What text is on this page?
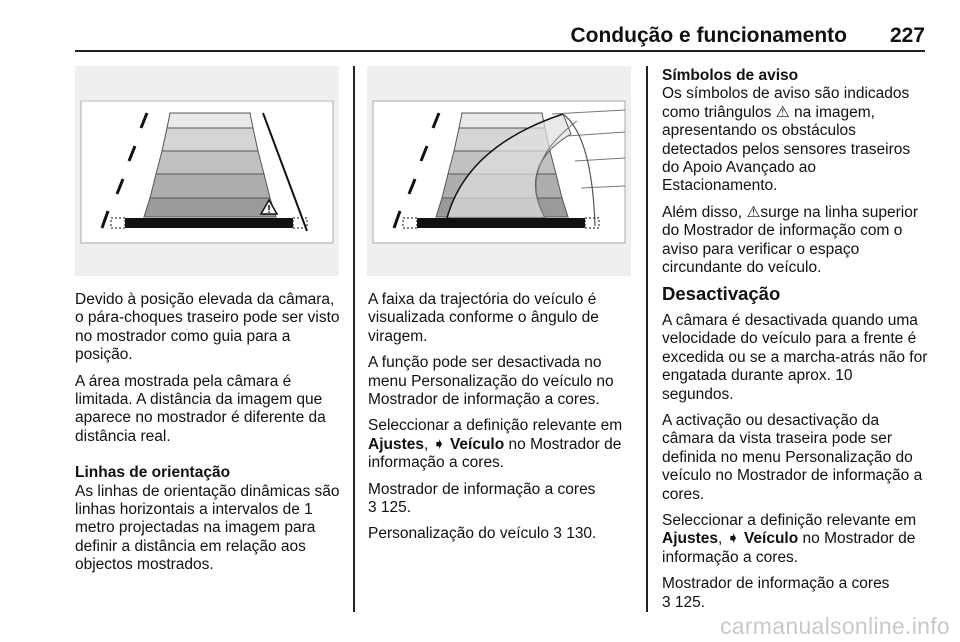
Condução e funcionamento 227

Devido à posição elevada da câmara, o pára-choques traseiro pode ser visto no mostrador como guia para a posição.

A área mostrada pela câmara é limitada. A distância da imagem que aparece no mostrador é diferente da distância real.

Linhas de orientação

As linhas de orientação dinâmicas são linhas horizontais a intervalos de 1 metro projectadas na imagem para definir a distância em relação aos objectos mostrados.

A faixa da trajectória do veículo é visualizada conforme o ângulo de viragem.

A função pode ser desactivada no menu Personalização do veículo no Mostrador de informação a cores.

Seleccionar a definição relevante em Ajustes, ➧ Veículo no Mostrador de informação a cores.

Mostrador de informação a cores
3 125.

Personalização do veículo 3 130.

Símbolos de aviso

Os símbolos de aviso são indicados como triângulos ⚠ na imagem, apresentando os obstáculos detectados pelos sensores traseiros do Apoio Avançado ao Estacionamento.

Além disso, ⚠surge na linha superior do Mostrador de informação com o aviso para verificar o espaço circundante do veículo.

Desactivação

A câmara é desactivada quando uma velocidade do veículo para a frente é excedida ou se a marcha-atrás não for engatada durante aprox. 10 segundos.

A activação ou desactivação da câmara da vista traseira pode ser definida no menu Personalização do veículo no Mostrador de informação a cores.

Seleccionar a definição relevante em Ajustes, ➧ Veículo no Mostrador de informação a cores.

Mostrador de informação a cores
3 125.

carmanualsonline.info
